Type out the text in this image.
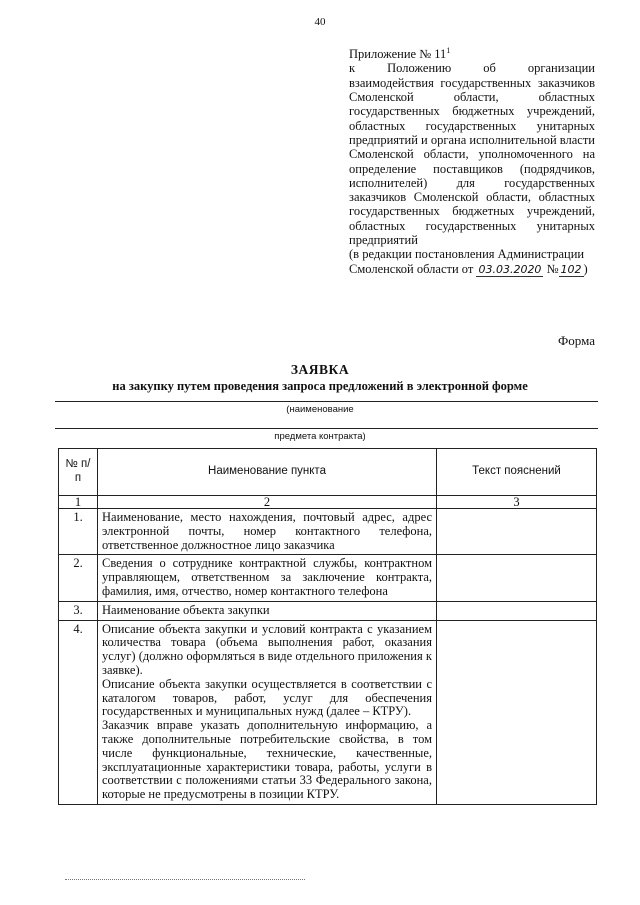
40
Приложение № $11^1$
к Положению об организации взаимодействия государственных заказчиков Смоленской области, областных государственных бюджетных учреждений, областных государственных унитарных предприятий и органа исполнительной власти Смоленской области, уполномоченного на определение поставщиков (подрядчиков, исполнителей) для государственных заказчиков Смоленской области, областных государственных бюджетных учреждений, областных государственных унитарных предприятий
(в редакции постановления Администрации
Смоленской области от 03.03.2020 № 102 )
Форма
ЗАЯВКА
на закупку путем проведения запроса предложений в электронной форме
(наименование
предмета контракта)
№ п/п	Наименование пункта	Текст пояснений
1	2	3
1.	Наименование, место нахождения, почтовый адрес, адрес электронной почты, номер контактного телефона, ответственное должностное лицо заказчика	

2.	Сведения о сотруднике контрактной службы, контрактном управляющем, ответственном за заключение контракта, фамилия, имя, отчество, номер контактного телефона	

3.	Наименование объекта закупки	

4.	Описание объекта закупки и условий контракта с указанием количества товара (объема выполнения работ, оказания услуг) (должно оформляться в виде отдельного приложения к заявке).
Описание объекта закупки осуществляется в соответствии с каталогом товаров, работ, услуг для обеспечения государственных и муниципальных нужд (далее – КТРУ).
Заказчик вправе указать дополнительную информацию, а также дополнительные потребительские свойства, в том числе функциональные, технические, качественные, эксплуатационные характеристики товара, работы, услуги в соответствии с положениями статьи 33 Федерального закона, которые не предусмотрены в позиции КТРУ.	
